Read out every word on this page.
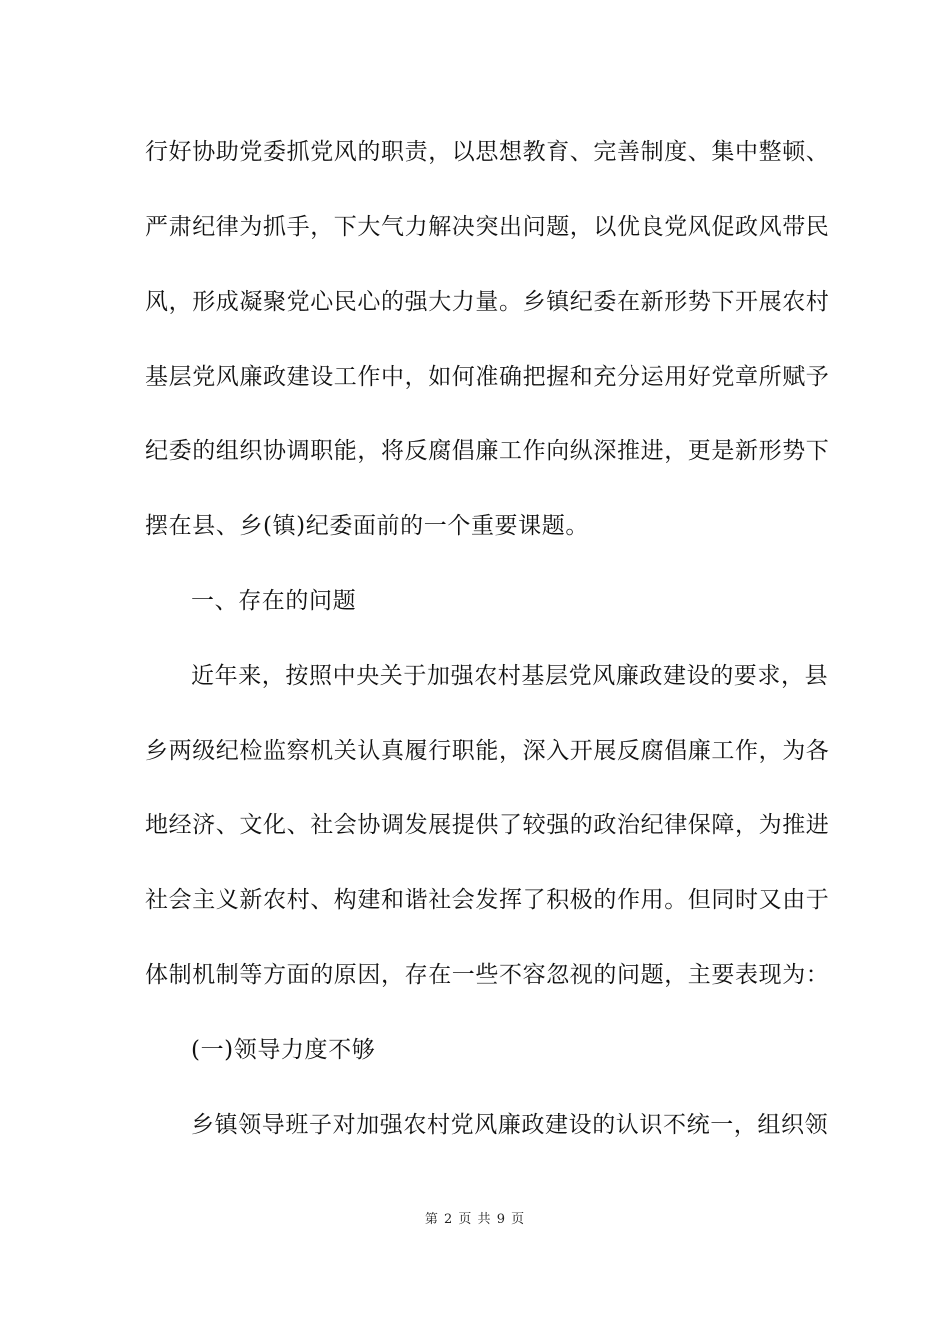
行好协助党委抓党风的职责，以思想教育、完善制度、集中整顿、
严肃纪律为抓手，下大气力解决突出问题，以优良党风促政风带民
风，形成凝聚党心民心的强大力量。乡镇纪委在新形势下开展农村
基层党风廉政建设工作中，如何准确把握和充分运用好党章所赋予
纪委的组织协调职能，将反腐倡廉工作向纵深推进，更是新形势下
摆在县、乡(镇)纪委面前的一个重要课题。
一、存在的问题
近年来，按照中央关于加强农村基层党风廉政建设的要求，县
乡两级纪检监察机关认真履行职能，深入开展反腐倡廉工作，为各
地经济、文化、社会协调发展提供了较强的政治纪律保障，为推进
社会主义新农村、构建和谐社会发挥了积极的作用。但同时又由于
体制机制等方面的原因，存在一些不容忽视的问题，主要表现为：
(一)领导力度不够
乡镇领导班子对加强农村党风廉政建设的认识不统一，组织领
第 2 页 共 9 页
